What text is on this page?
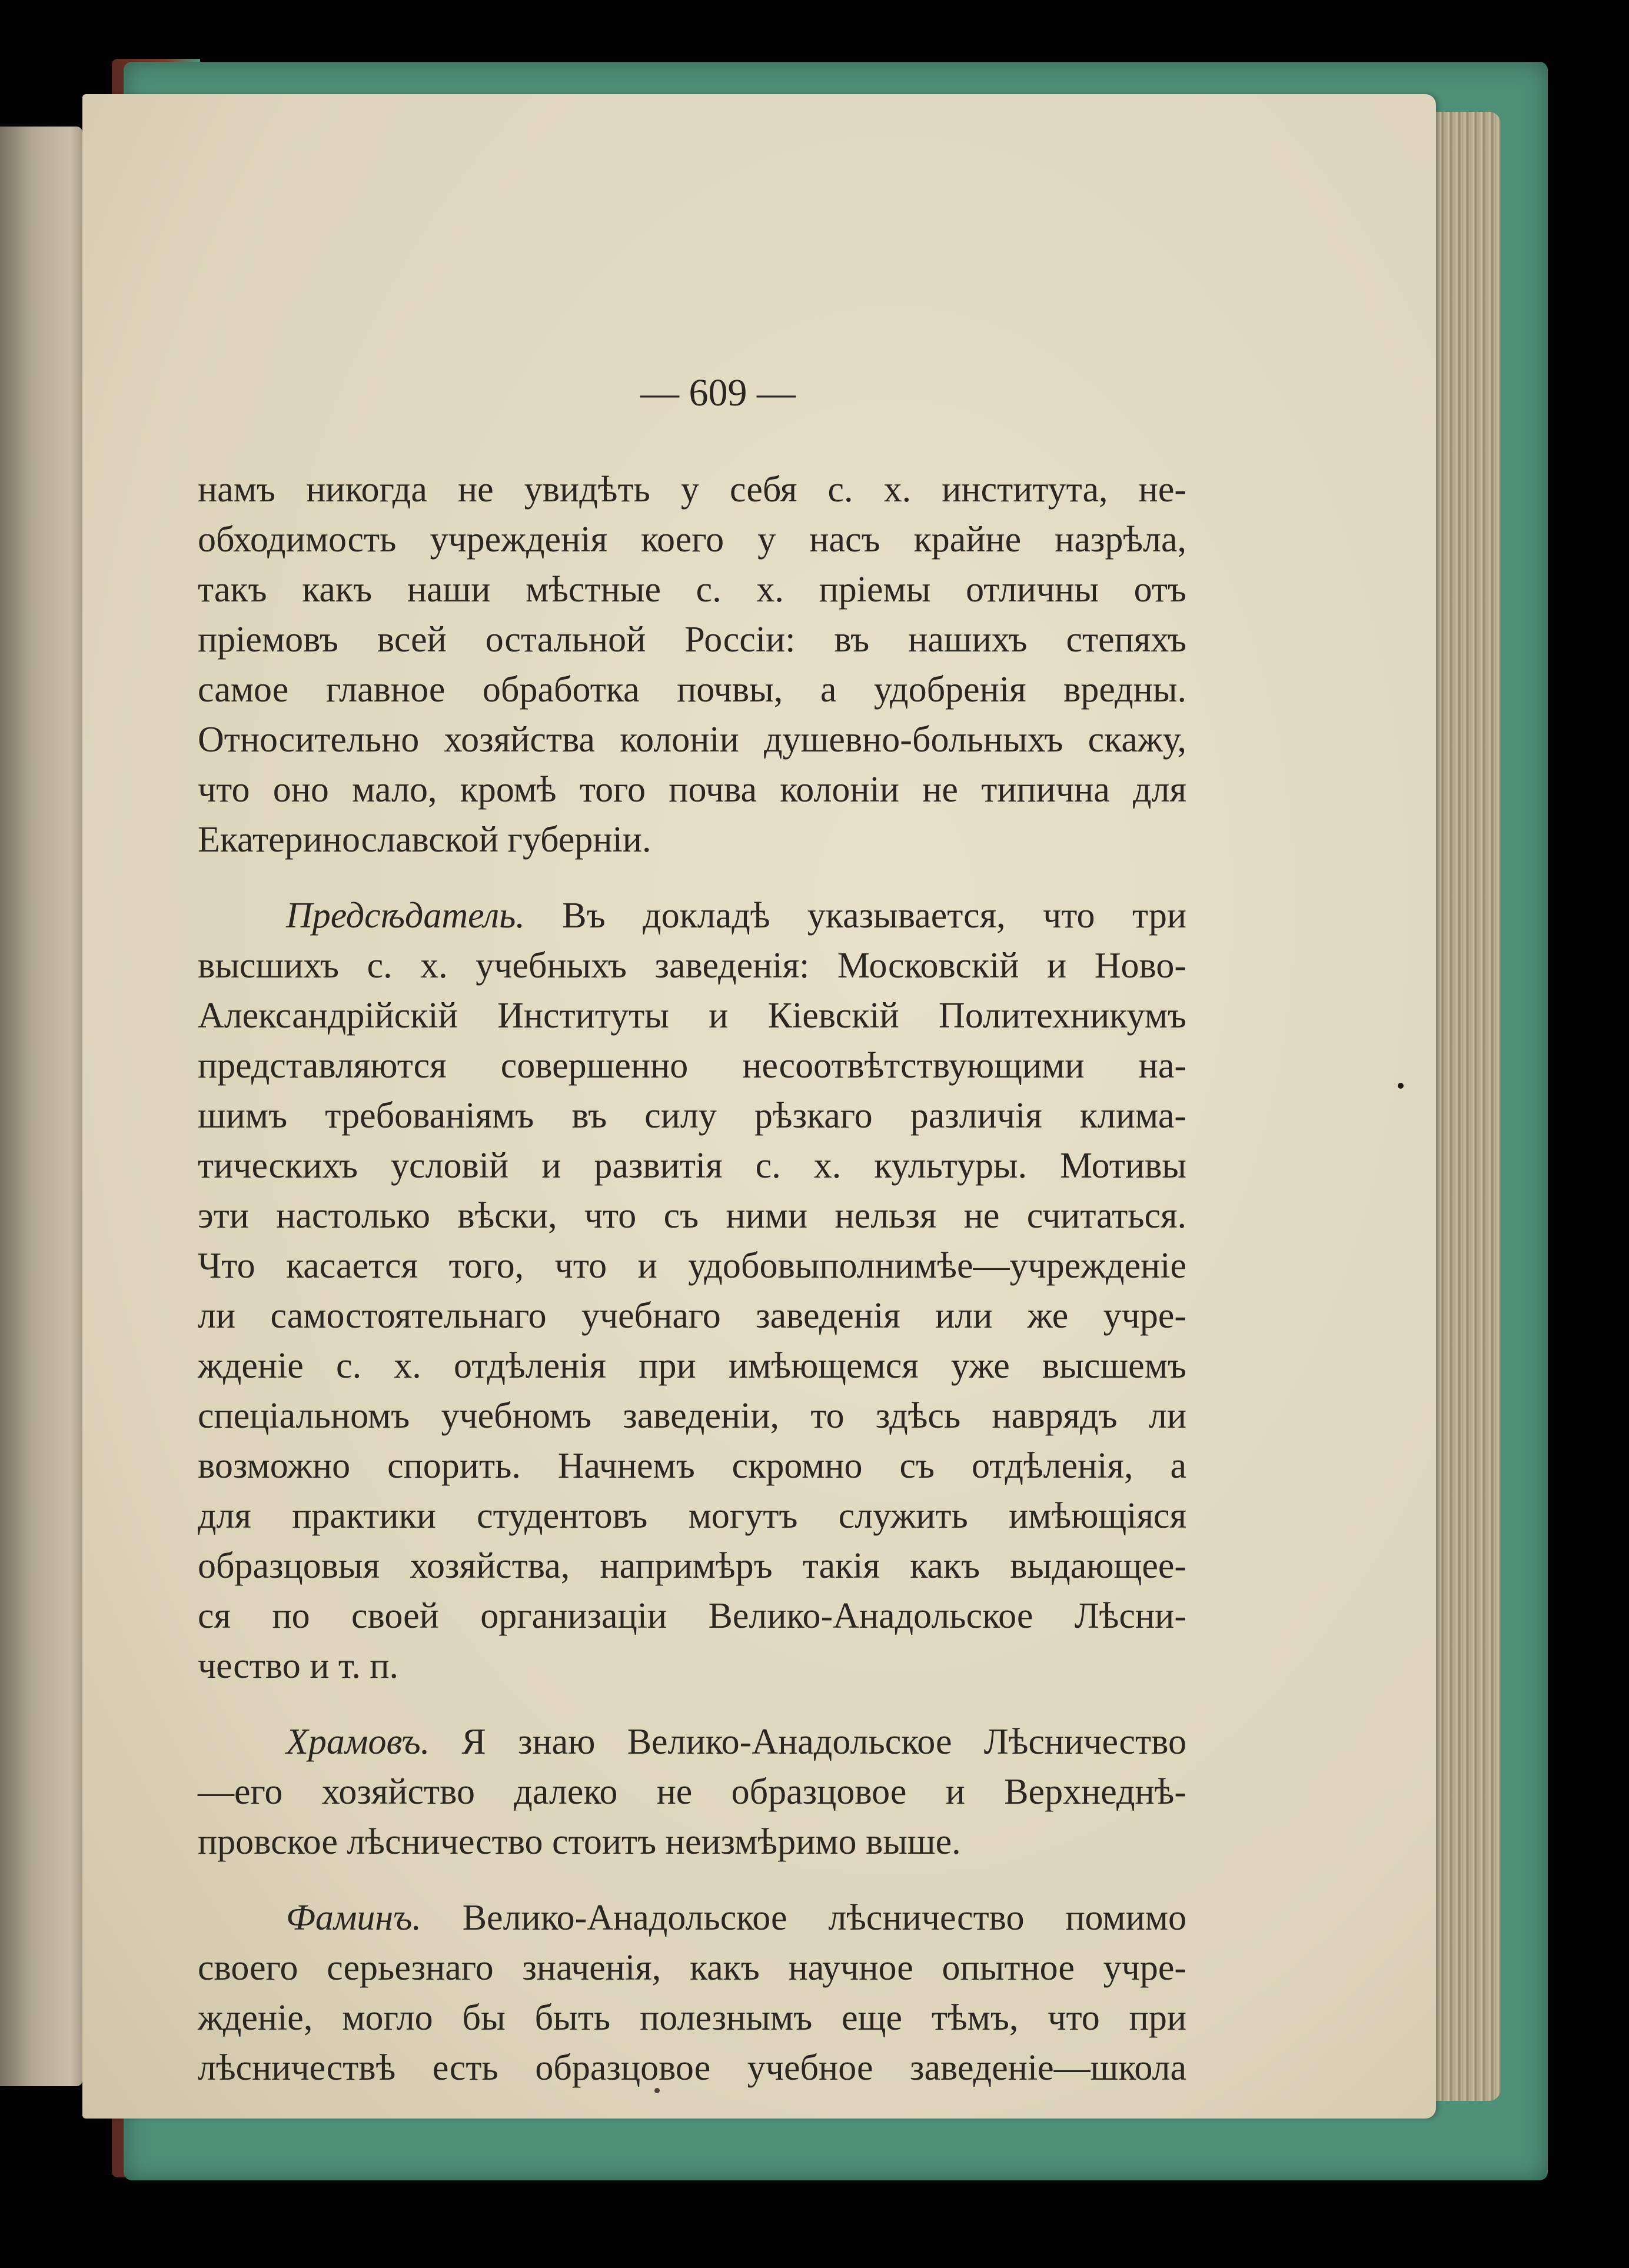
— 609 —

намъ никогда не увидѣть у себя с. х. института, не-
обходимость учрежденія коего у насъ крайне назрѣла,
такъ какъ наши мѣстные с. х. пріемы отличны отъ
пріемовъ всей остальной Россіи: въ нашихъ степяхъ
самое главное обработка почвы, а удобренія вредны.
Относительно хозяйства колоніи душевно-больныхъ скажу,
что оно мало, кромѣ того почва колоніи не типична для
Екатеринославской губерніи.

Предсѣдатель. Въ докладѣ указывается, что три
высшихъ с. х. учебныхъ заведенія: Московскій и Ново-
Александрійскій Институты и Кіевскій Политехникумъ
представляются совершенно несоотвѣтствующими на-
шимъ требованіямъ въ силу рѣзкаго различія клима-
тическихъ условій и развитія с. х. культуры. Мотивы
эти настолько вѣски, что съ ними нельзя не считаться.
Что касается того, что и удобовыполнимѣе—учрежденіе
ли самостоятельнаго учебнаго заведенія или же учре-
жденіе с. х. отдѣленія при имѣющемся уже высшемъ
спеціальномъ учебномъ заведеніи, то здѣсь наврядъ ли
возможно спорить. Начнемъ скромно съ отдѣленія, а
для практики студентовъ могутъ служить имѣющіяся
образцовыя хозяйства, напримѣръ такія какъ выдающее-
ся по своей организаціи Велико-Анадольское Лѣсни-
чество и т. п.

Храмовъ. Я знаю Велико-Анадольское Лѣсничество
—его хозяйство далеко не образцовое и Верхнеднѣ-
провское лѣсничество стоитъ неизмѣримо выше.

Фаминъ. Велико-Анадольское лѣсничество помимо
своего серьезнаго значенія, какъ научное опытное учре-
жденіе, могло бы быть полезнымъ еще тѣмъ, что при
лѣсничествѣ есть образцовое учебное заведеніе—школа
